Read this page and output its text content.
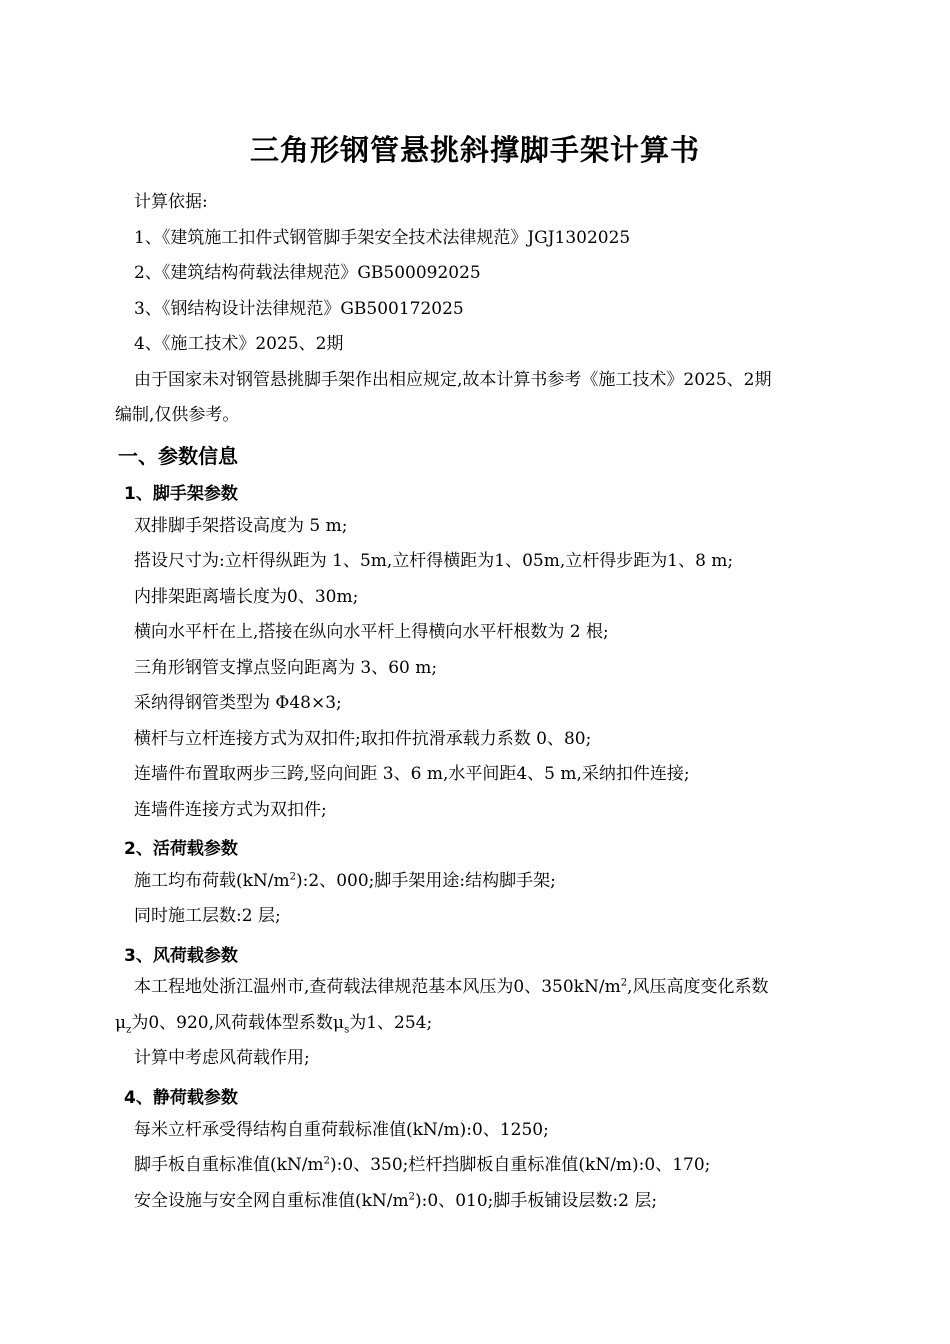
三角形钢管悬挑斜撑脚手架计算书
计算依据:
1、《建筑施工扣件式钢管脚手架安全技术法律规范》JGJ1302025
2、《建筑结构荷载法律规范》GB500092025
3、《钢结构设计法律规范》GB500172025
4、《施工技术》2025、2期
由于国家未对钢管悬挑脚手架作出相应规定,故本计算书参考《施工技术》2025、2期
编制,仅供参考。
一、参数信息
1、脚手架参数
双排脚手架搭设高度为 5 m;
搭设尺寸为:立杆得纵距为 1、5m,立杆得横距为1、05m,立杆得步距为1、8 m;
内排架距离墙长度为0、30m;
横向水平杆在上,搭接在纵向水平杆上得横向水平杆根数为 2 根;
三角形钢管支撑点竖向距离为 3、60 m;
采纳得钢管类型为 Φ48×3;
横杆与立杆连接方式为双扣件;取扣件抗滑承载力系数 0、80;
连墙件布置取两步三跨,竖向间距 3、6 m,水平间距4、5 m,采纳扣件连接;
连墙件连接方式为双扣件;
2、活荷载参数
施工均布荷载$(kN/m^2):2$、000;脚手架用途:结构脚手架;
同时施工层数:2 层;
3、风荷载参数
本工程地处浙江温州市,查荷载法律规范基本风压为0、$350kN/m^2$,风压高度变化系数
$\mu_z$为0、920,风荷载体型系数$\mu_s$为1、254;
计算中考虑风荷载作用;
4、静荷载参数
每米立杆承受得结构自重荷载标准值(kN/m):0、1250;
脚手板自重标准值$(kN/m^2):0$、350;栏杆挡脚板自重标准值(kN/m):0、170;
安全设施与安全网自重标准值$(kN/m^2):0$、010;脚手板铺设层数:2 层;
